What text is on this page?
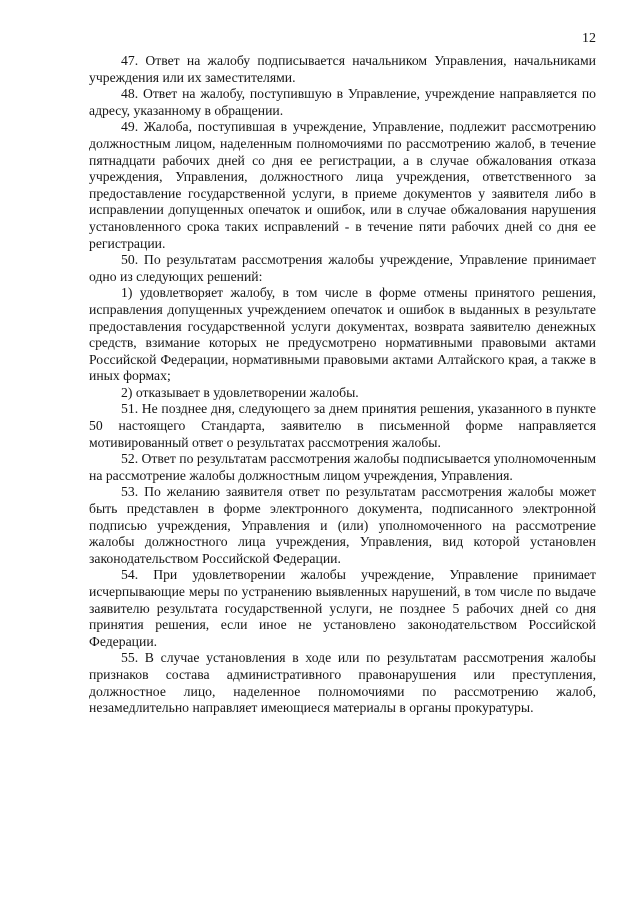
12

47. Ответ на жалобу подписывается начальником Управления, начальниками учреждения или их заместителями.

48. Ответ на жалобу, поступившую в Управление, учреждение направляется по адресу, указанному в обращении.

49. Жалоба, поступившая в учреждение, Управление, подлежит рассмотрению должностным лицом, наделенным полномочиями по рассмотрению жалоб, в течение пятнадцати рабочих дней со дня ее регистрации, а в случае обжалования отказа учреждения, Управления, должностного лица учреждения, ответственного за предоставление государственной услуги, в приеме документов у заявителя либо в исправлении допущенных опечаток и ошибок, или в случае обжалования нарушения установленного срока таких исправлений - в течение пяти рабочих дней со дня ее регистрации.

50. По результатам рассмотрения жалобы учреждение, Управление принимает одно из следующих решений:

1) удовлетворяет жалобу, в том числе в форме отмены принятого решения, исправления допущенных учреждением опечаток и ошибок в выданных в результате предоставления государственной услуги документах, возврата заявителю денежных средств, взимание которых не предусмотрено нормативными правовыми актами Российской Федерации, нормативными правовыми актами Алтайского края, а также в иных формах;

2) отказывает в удовлетворении жалобы.

51. Не позднее дня, следующего за днем принятия решения, указанного в пункте 50 настоящего Стандарта, заявителю в письменной форме направляется мотивированный ответ о результатах рассмотрения жалобы.

52. Ответ по результатам рассмотрения жалобы подписывается уполномоченным на рассмотрение жалобы должностным лицом учреждения, Управления.

53. По желанию заявителя ответ по результатам рассмотрения жалобы может быть представлен в форме электронного документа, подписанного электронной подписью учреждения, Управления и (или) уполномоченного на рассмотрение жалобы должностного лица учреждения, Управления, вид которой установлен законодательством Российской Федерации.

54. При удовлетворении жалобы учреждение, Управление принимает исчерпывающие меры по устранению выявленных нарушений, в том числе по выдаче заявителю результата государственной услуги, не позднее 5 рабочих дней со дня принятия решения, если иное не установлено законодательством Российской Федерации.

55. В случае установления в ходе или по результатам рассмотрения жалобы признаков состава административного правонарушения или преступления, должностное лицо, наделенное полномочиями по рассмотрению жалоб, незамедлительно направляет имеющиеся материалы в органы прокуратуры.
